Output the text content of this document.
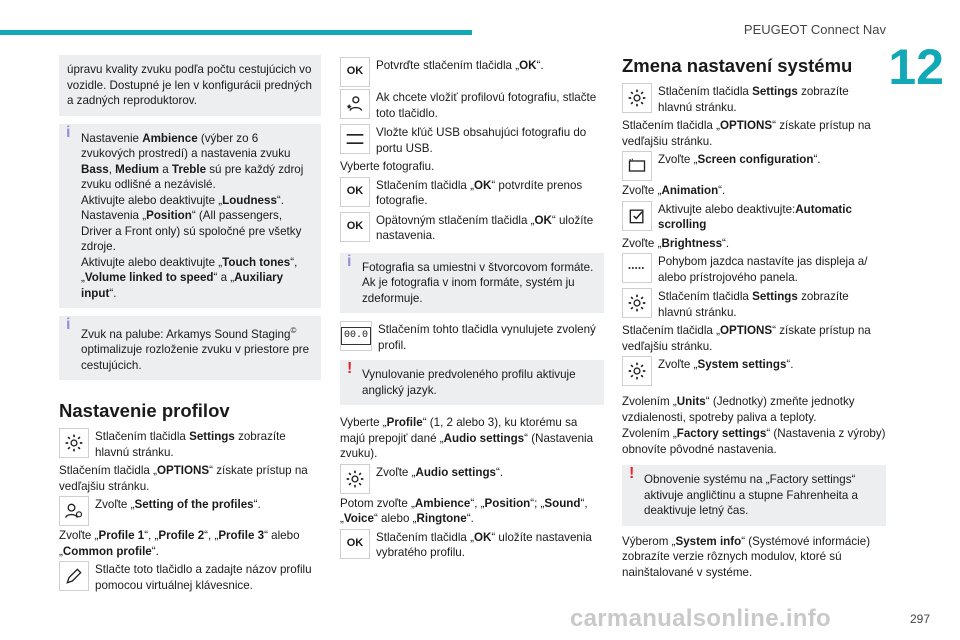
PEUGEOT Connect Nav
12

úpravu kvality zvuku podľa počtu cestujúcich vo vozidle. Dostupné je len v konfigurácii predných a zadných reproduktorov.

i Nastavenie Ambience (výber zo 6 zvukových prostredí) a nastavenia zvuku Bass, Medium a Treble sú pre každý zdroj zvuku odlišné a nezávislé.
Aktivujte alebo deaktivujte „Loudness“.
Nastavenia „Position“ (All passengers, Driver a Front only) sú spoločné pre všetky zdroje.
Aktivujte alebo deaktivujte „Touch tones“, „Volume linked to speed“ a „Auxiliary input“.

i

Zvuk na palube: Arkamys Sound Staging© optimalizuje rozloženie zvuku v priestore pre cestujúcich.

Nastavenie profilov

Stlačením tlačidla Settings zobrazíte hlavnú stránku.

Stlačením tlačidla „OPTIONS“ získate prístup na vedľajšiu stránku.

Zvoľte „Setting of the profiles“.

Zvoľte „Profile 1“, „Profile 2“, „Profile 3“ alebo „Common profile“.

Stlačte toto tlačidlo a zadajte názov profilu pomocou virtuálnej klávesnice.

OK	Potvrďte stlačením tlačidla „OK“.

Ak chcete vložiť profilovú fotografiu, stlačte toto tlačidlo.

Vložte kľúč USB obsahujúci fotografiu do portu USB.

Vyberte fotografiu.

OK	Stlačením tlačidla „OK“ potvrdíte prenos fotografie.

OK	Opätovným stlačením tlačidla „OK“ uložíte nastavenia.

i Fotografia sa umiestni v štvorcovom formáte. Ak je fotografia v inom formáte, systém ju zdeformuje.

00.0 Stlačením tohto tlačidla vynulujete zvolený profil.

! Vynulovanie predvoleného profilu aktivuje anglický jazyk.

Vyberte „Profile“ (1, 2 alebo 3), ku ktorému sa majú prepojiť dané „Audio settings“ (Nastavenia zvuku).

Zvoľte „Audio settings“.

Potom zvoľte „Ambience“, „Position“; „Sound“, „Voice“ alebo „Ringtone“.

OK	Stlačením tlačidla „OK“ uložíte nastavenia vybratého profilu.

Zmena nastavení systému

Stlačením tlačidla Settings zobrazíte hlavnú stránku.

Stlačením tlačidla „OPTIONS“ získate prístup na vedľajšiu stránku.

Zvoľte „Screen configuration“.

Zvoľte „Animation“.

Aktivujte alebo deaktivujte:Automatic scrolling

Zvoľte „Brightness“.

Pohybom jazdca nastavíte jas displeja a/ alebo prístrojového panela.

Stlačením tlačidla Settings zobrazíte hlavnú stránku.

Stlačením tlačidla „OPTIONS“ získate prístup na vedľajšiu stránku.

Zvoľte „System settings“.

Zvolením „Units“ (Jednotky) zmeňte jednotky vzdialenosti, spotreby paliva a teploty.

Zvolením „Factory settings“ (Nastavenia z výroby) obnovíte pôvodné nastavenia.

! Obnovenie systému na „Factory settings“ aktivuje angličtinu a stupne Fahrenheita a deaktivuje letný čas.

Výberom „System info“ (Systémové informácie) zobrazíte verzie rôznych modulov, ktoré sú nainštalované v systéme.

carmanualsonline.info	297
